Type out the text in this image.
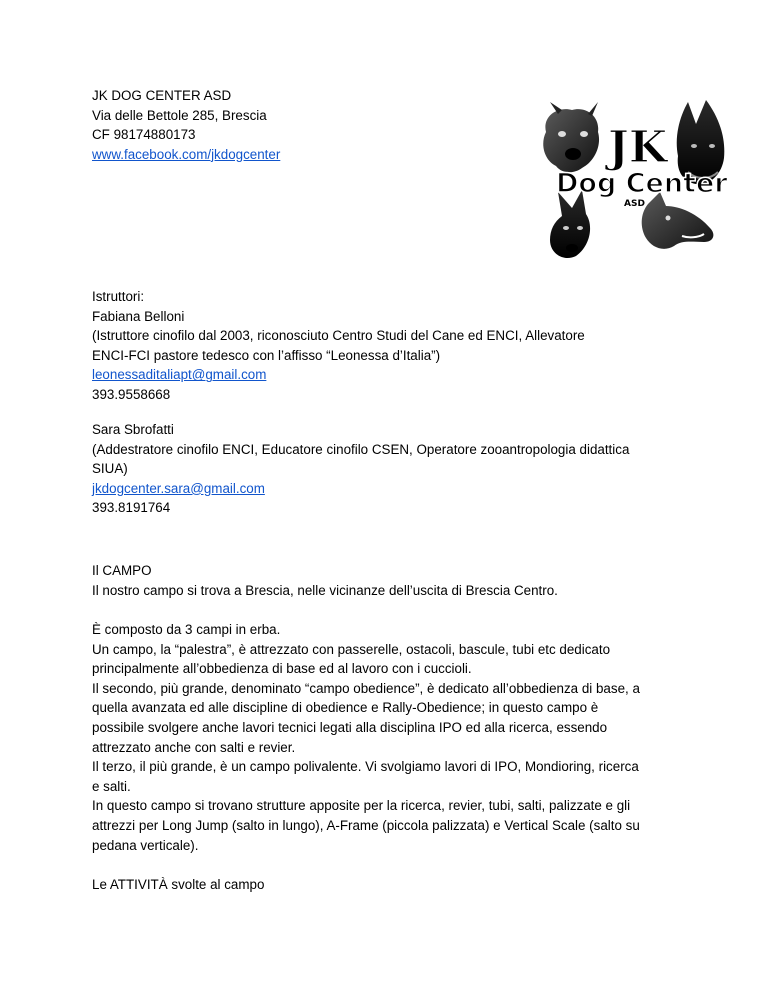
JK DOG CENTER ASD
Via delle Bettole 285, Brescia
CF 98174880173
www.facebook.com/jkdogcenter	JK
Dog Center
ASD
Istruttori:
Fabiana Belloni
(Istruttore cinofilo dal 2003, riconosciuto Centro Studi del Cane ed ENCI, Allevatore
ENCI-FCI pastore tedesco con l’affisso “Leonessa d’Italia”)
leonessaditaliapt@gmail.com
393.9558668
Sara Sbrofatti
(Addestratore cinofilo ENCI, Educatore cinofilo CSEN, Operatore zooantropologia didattica
SIUA)
jkdogcenter.sara@gmail.com
393.8191764
Il CAMPO
Il nostro campo si trova a Brescia, nelle vicinanze dell’uscita di Brescia Centro.
È composto da 3 campi in erba.
Un campo, la “palestra”, è attrezzato con passerelle, ostacoli, bascule, tubi etc dedicato
principalmente all’obbedienza di base ed al lavoro con i cuccioli.
Il secondo, più grande, denominato “campo obedience”, è dedicato all’obbedienza di base, a
quella avanzata ed alle discipline di obedience e Rally-Obedience; in questo campo è
possibile svolgere anche lavori tecnici legati alla disciplina IPO ed alla ricerca, essendo
attrezzato anche con salti e revier.
Il terzo, il più grande, è un campo polivalente. Vi svolgiamo lavori di IPO, Mondioring, ricerca
e salti.
In questo campo si trovano strutture apposite per la ricerca, revier, tubi, salti, palizzate e gli
attrezzi per Long Jump (salto in lungo), A-Frame (piccola palizzata) e Vertical Scale (salto su
pedana verticale).
Le ATTIVITÀ svolte al campo
